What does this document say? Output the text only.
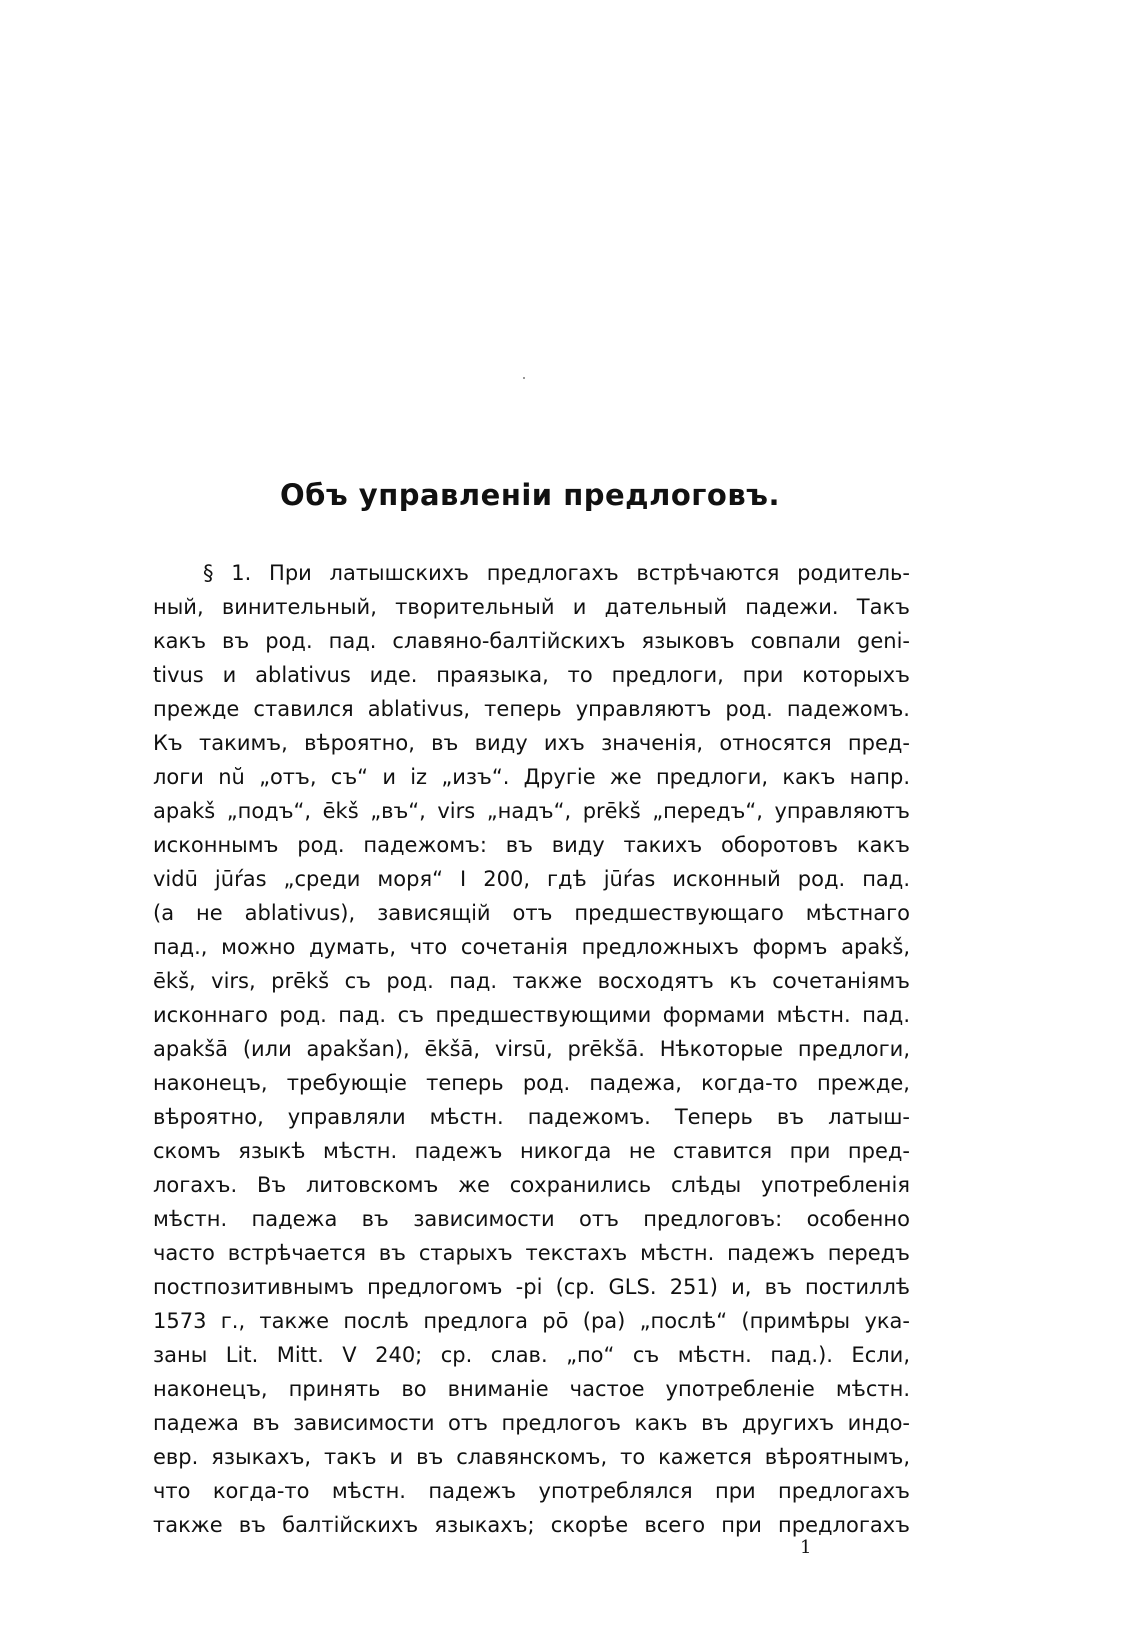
Объ управленіи предлоговъ.
§ 1. При латышскихъ предлогахъ встрѣчаются родитель-
ный, винительный, творительный и дательный падежи. Такъ
какъ въ род. пад. славяно-балтійскихъ языковъ совпали geni-
tivus и ablativus иде. праязыка, то предлоги, при которыхъ
прежде ставился ablativus, теперь управляютъ род. падежомъ.
Къ такимъ, вѣроятно, въ виду ихъ значенія, относятся пред-
логи nŭ „отъ, съ“ и iz „изъ“. Другіе же предлоги, какъ напр.
apakš „подъ“, ēkš „въ“, virs „надъ“, prēkš „передъ“, управляютъ
исконнымъ род. падежомъ: въ виду такихъ оборотовъ какъ
vidū jūŕas „среди моря“ I 200, гдѣ jūŕas исконный род. пад.
(а не ablativus), зависящій отъ предшествующаго мѣстнаго
пад., можно думать, что сочетанія предложныхъ формъ apakš,
ēkš, virs, prēkš съ род. пад. также восходятъ къ сочетаніямъ
исконнаго род. пад. съ предшествующими формами мѣстн. пад.
apakšā (или apakšan), ēkšā, virsū, prēkšā. Нѣкоторые предлоги,
наконецъ, требующіе теперь род. падежа, когда-то прежде,
вѣроятно, управляли мѣстн. падежомъ. Теперь въ латыш-
скомъ языкѣ мѣстн. падежъ никогда не ставится при пред-
логахъ. Въ литовскомъ же сохранились слѣды употребленія
мѣстн. падежа въ зависимости отъ предлоговъ: особенно
часто встрѣчается въ старыхъ текстахъ мѣстн. падежъ передъ
постпозитивнымъ предлогомъ -pi (ср. GLS. 251) и, въ постиллѣ
1573 г., также послѣ предлога pō (pa) „послѣ“ (примѣры ука-
заны Lit. Mitt. V 240; ср. слав. „по“ съ мѣстн. пад.). Если,
наконецъ, принять во вниманіе частое употребленіе мѣстн.
падежа въ зависимости отъ предлогоъ какъ въ другихъ индо-
евр. языкахъ, такъ и въ славянскомъ, то кажется вѣроятнымъ,
что когда-то мѣстн. падежъ употреблялся при предлогахъ
также въ балтійскихъ языкахъ; скорѣе всего при предлогахъ
1
